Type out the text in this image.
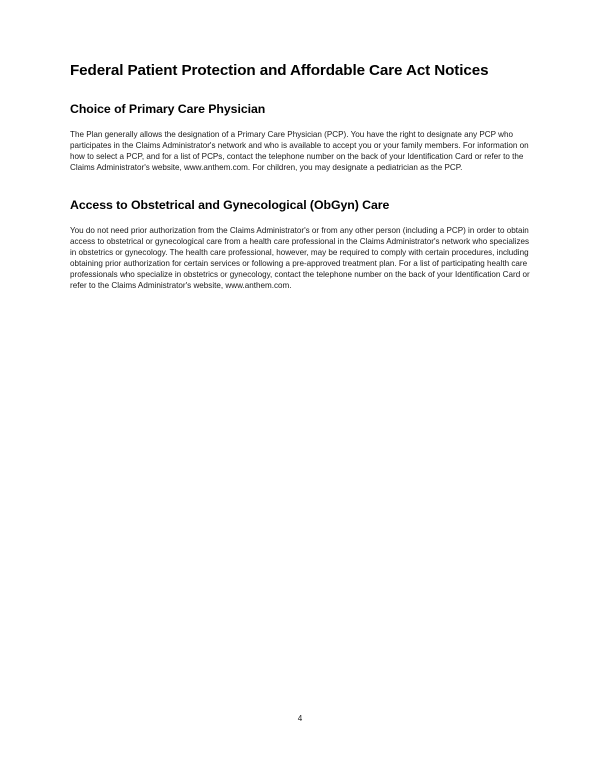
Federal Patient Protection and Affordable Care Act Notices
Choice of Primary Care Physician

The Plan generally allows the designation of a Primary Care Physician (PCP). You have the right to designate any PCP who participates in the Claims Administrator's network and who is available to accept you or your family members. For information on how to select a PCP, and for a list of PCPs, contact the telephone number on the back of your Identification Card or refer to the Claims Administrator's website, www.anthem.com. For children, you may designate a pediatrician as the PCP.

Access to Obstetrical and Gynecological (ObGyn) Care

You do not need prior authorization from the Claims Administrator's or from any other person (including a PCP) in order to obtain access to obstetrical or gynecological care from a health care professional in the Claims Administrator's network who specializes in obstetrics or gynecology. The health care professional, however, may be required to comply with certain procedures, including obtaining prior authorization for certain services or following a pre-approved treatment plan. For a list of participating health care professionals who specialize in obstetrics or gynecology, contact the telephone number on the back of your Identification Card or refer to the Claims Administrator's website, www.anthem.com.

4
